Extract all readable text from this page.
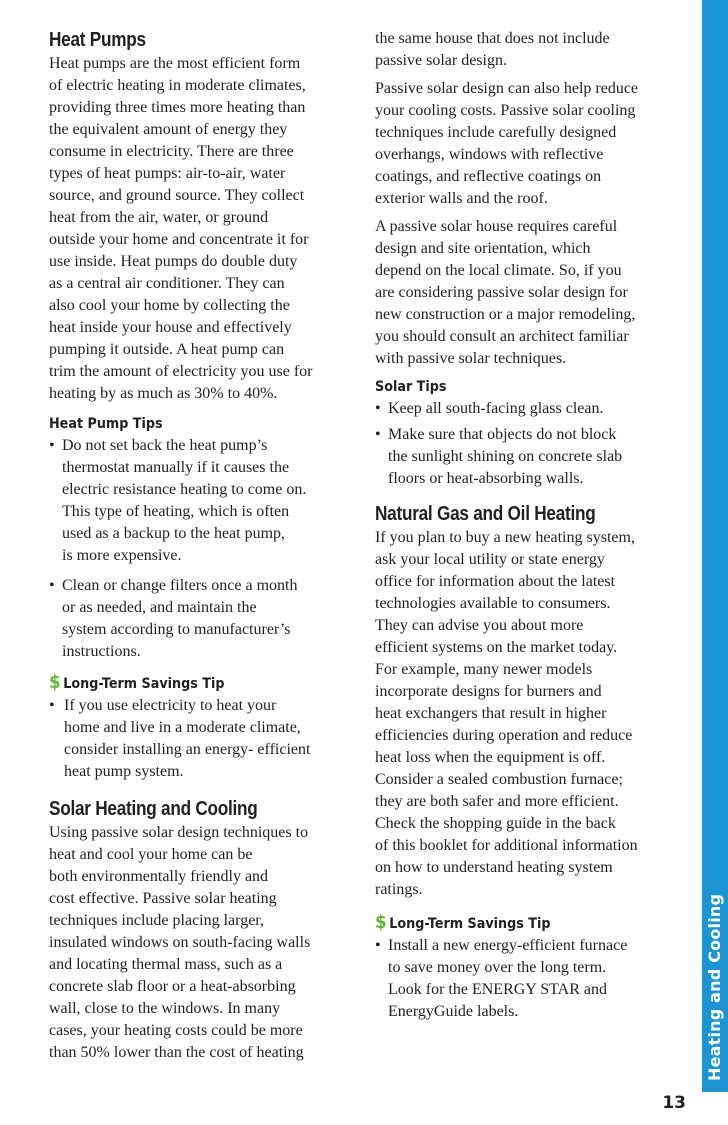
Heat Pumps

Heat pumps are the most efficient form
of electric heating in moderate climates,
providing three times more heating than
the equivalent amount of energy they
consume in electricity. There are three
types of heat pumps: air-to-air, water
source, and ground source. They collect
heat from the air, water, or ground
outside your home and concentrate it for
use inside. Heat pumps do double duty
as a central air conditioner. They can
also cool your home by collecting the
heat inside your house and effectively
pumping it outside. A heat pump can
trim the amount of electricity you use for
heating by as much as 30% to 40%.

Heat Pump Tips
• Do not set back the heat pump’s
thermostat manually if it causes the
electric resistance heating to come on.
This type of heating, which is often
used as a backup to the heat pump,
is more expensive.
• Clean or change filters once a month
or as needed, and maintain the
system according to manufacturer’s
instructions.
$ Long-Term Savings Tip
• If you use electricity to heat your
home and live in a moderate climate,
consider installing an energy- efficient
heat pump system.
Solar Heating and Cooling

Using passive solar design techniques to
heat and cool your home can be
both environmentally friendly and
cost effective. Passive solar heating
techniques include placing larger,
insulated windows on south-facing walls
and locating thermal mass, such as a
concrete slab floor or a heat-absorbing
wall, close to the windows. In many
cases, your heating costs could be more
than 50% lower than the cost of heating

the same house that does not include
passive solar design.

Passive solar design can also help reduce
your cooling costs. Passive solar cooling
techniques include carefully designed
overhangs, windows with reflective
coatings, and reflective coatings on
exterior walls and the roof.

A passive solar house requires careful
design and site orientation, which
depend on the local climate. So, if you
are considering passive solar design for
new construction or a major remodeling,
you should consult an architect familiar
with passive solar techniques.

Solar Tips
• Keep all south-facing glass clean.
• Make sure that objects do not block
the sunlight shining on concrete slab
floors or heat-absorbing walls.
Natural Gas and Oil Heating

If you plan to buy a new heating system,
ask your local utility or state energy
office for information about the latest
technologies available to consumers.
They can advise you about more
efficient systems on the market today.
For example, many newer models
incorporate designs for burners and
heat exchangers that result in higher
efficiencies during operation and reduce
heat loss when the equipment is off.
Consider a sealed combustion furnace;
they are both safer and more efficient.
Check the shopping guide in the back
of this booklet for additional information
on how to understand heating system
ratings.

$ Long-Term Savings Tip
• Install a new energy-efficient furnace
to save money over the long term.
Look for the ENERGY STAR and
EnergyGuide labels.	Heating and Cooling
13
